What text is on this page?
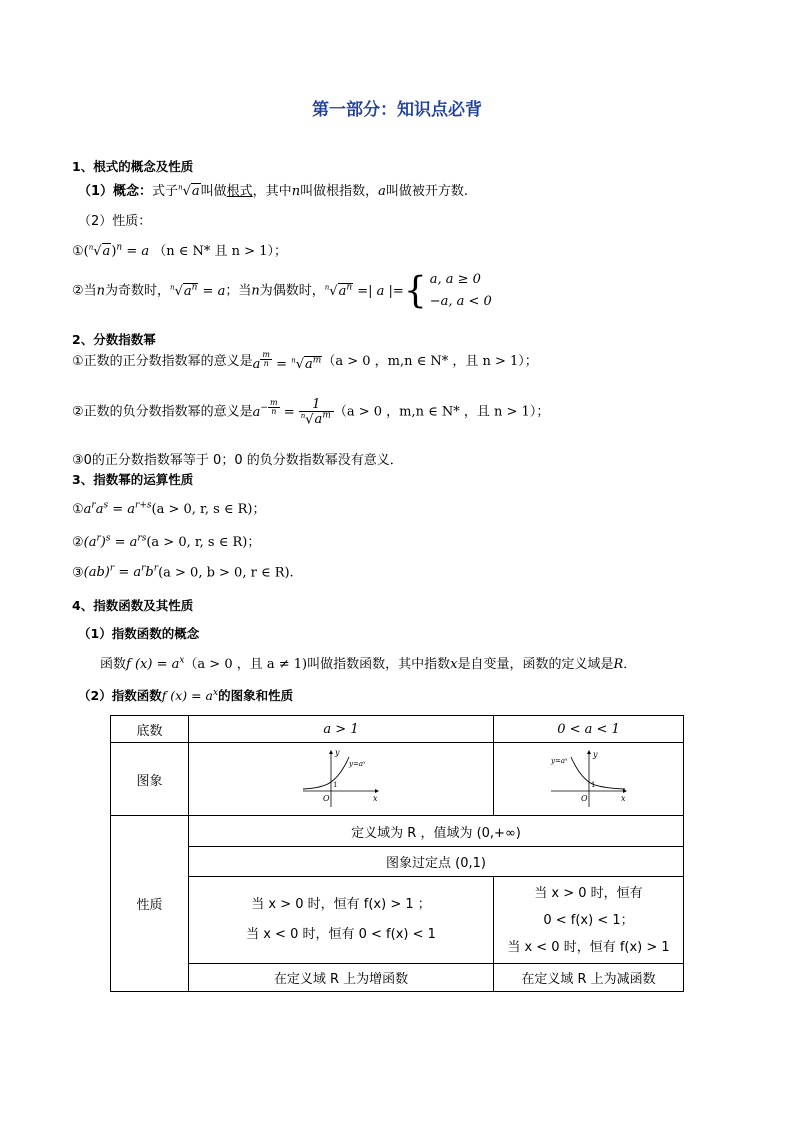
第一部分：知识点必背
1、根式的概念及性质
（1）概念：式子$^n$√a叫做根式，其中n叫做根指数，a叫做被开方数.
（2）性质：
$①(^n√a)^n = a$ （n ∈ N* 且 n > 1）；
②当n为奇数时，$^n√a^n = a$；当n为偶数时，$^n√a^n$ =| a |={ a, a ≥ 0
−a, a < 0
2、分数指数幂
①正数的正分数指数幂的意义是a $^{\frac{m}{n}} = ^n√a^m(a > 0$ ，m,n ∈ N* ，且 n > 1）；
②正数的负分数指数幂的意义是$a^{- \frac{m}{n}} = \frac{1}{^n√a^m} (a > 0$ ，m,n ∈ N* ，且 n > 1）；
③0的正分数指数幂等于 0；0 的负分数指数幂没有意义．
3、指数幂的运算性质
$①a^ra^s = a^{r+s}(a > 0$, r, s ∈ R)；
$②(a^r)^s = a^{rs}(a > 0$, r, s ∈ R)；
③(ab)$^r$ = $a^rb^r(a > 0$, b > 0, r ∈ R).
4、指数函数及其性质
（1）指数函数的概念
函数f $(x) = a^x(a > 0$ ，且 a ≠ 1)叫做指数函数，其中指数x是自变量，函数的定义域是R．
（2）指数函数f $(x) = a^x$的图象和性质
底数	a > 1	0 < a < 1
图象	y
y=aˣ
1
O x	y
y=aˣ
1
O x

性质	定义域为 R ，值域为 (0,+∞)	
	图象过定点 (0,1)	

	当 x > 0 时，恒有 f(x) > 1 ；
当 x < 0 时，恒有 0 < f(x) < 1	当 x > 0 时，恒有
0 < f(x) < 1；
当 x < 0 时，恒有 f(x) > 1

	在定义域 R 上为增函数	在定义域 R 上为减函数
